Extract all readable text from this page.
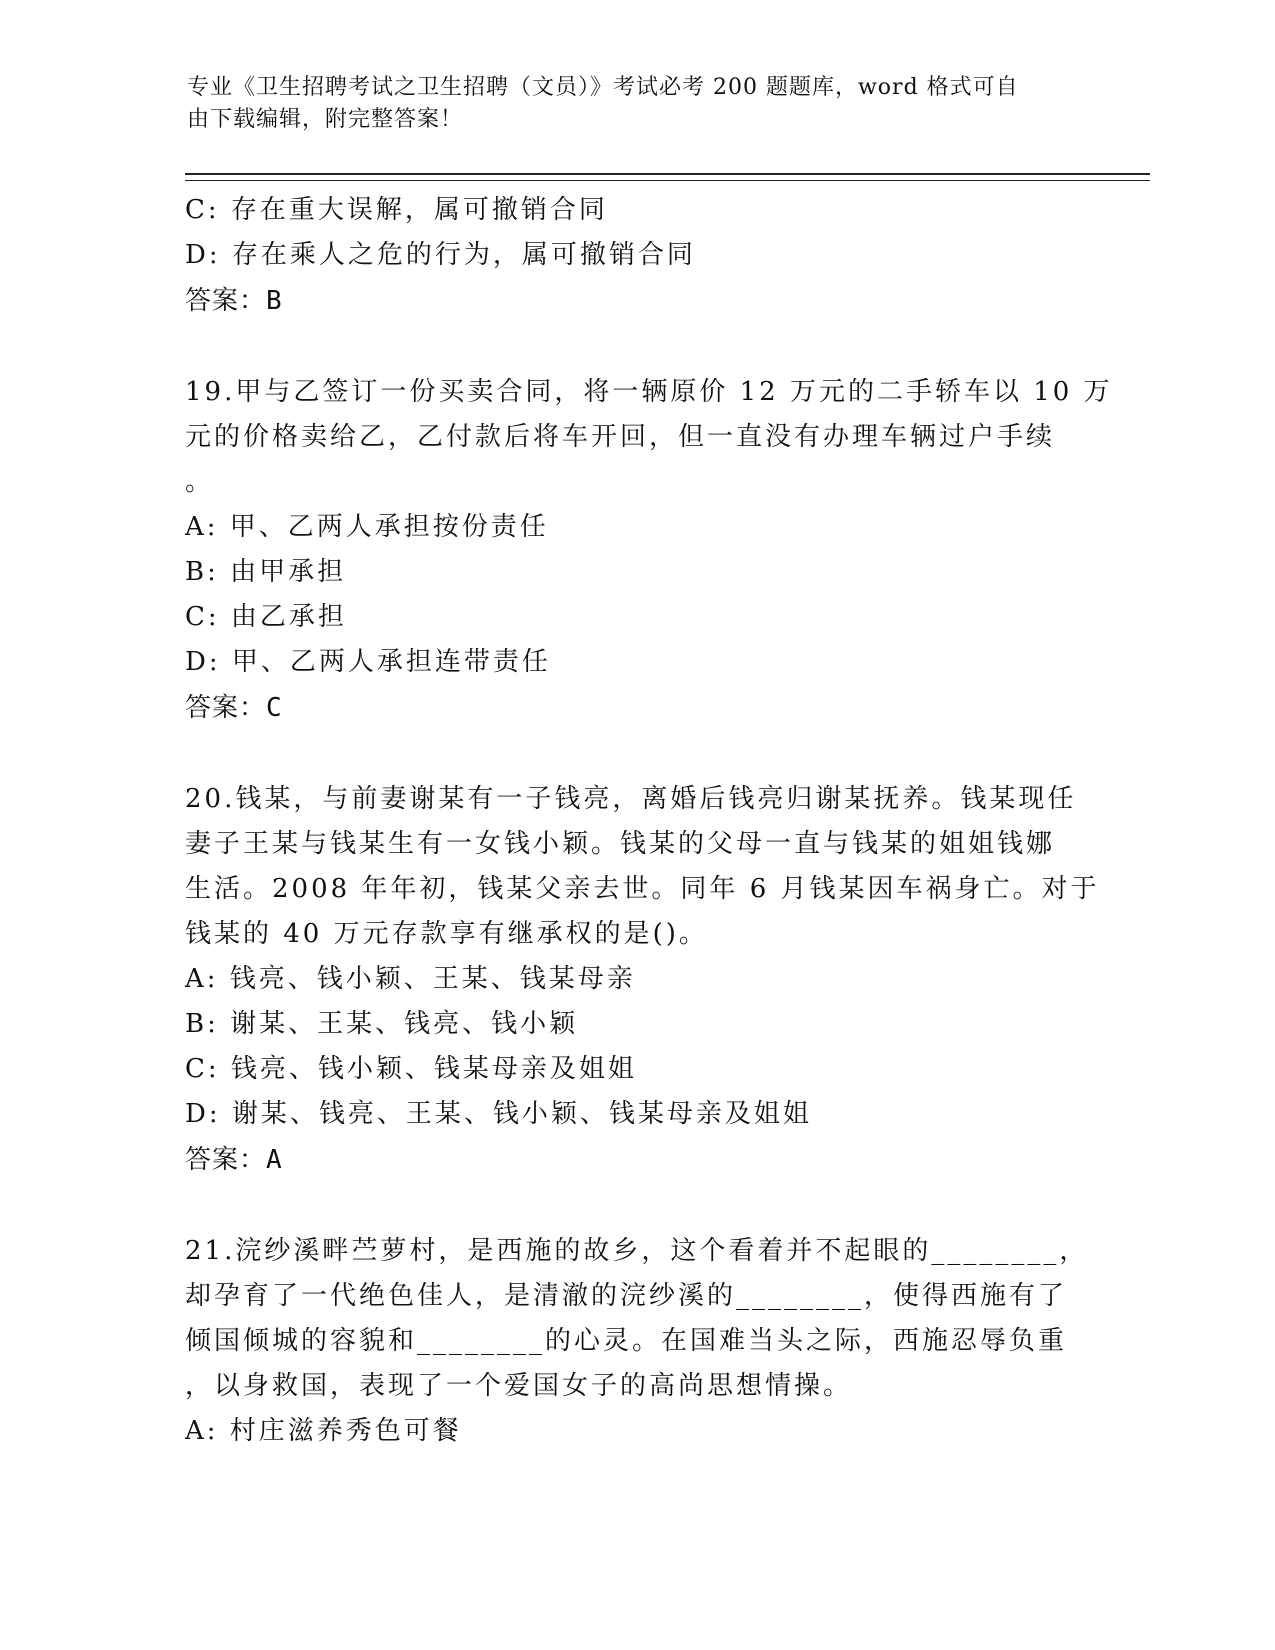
专业《卫生招聘考试之卫生招聘（文员）》考试必考 200 题题库，word 格式可自
由下载编辑，附完整答案！
C: 存在重大误解，属可撤销合同
D: 存在乘人之危的行为，属可撤销合同
答案：B
19.甲与乙签订一份买卖合同，将一辆原价 12 万元的二手轿车以 10 万
元的价格卖给乙，乙付款后将车开回，但一直没有办理车辆过户手续
。
A: 甲、乙两人承担按份责任
B: 由甲承担
C: 由乙承担
D: 甲、乙两人承担连带责任
答案：C
20.钱某，与前妻谢某有一子钱亮，离婚后钱亮归谢某抚养。钱某现任
妻子王某与钱某生有一女钱小颖。钱某的父母一直与钱某的姐姐钱娜
生活。2008 年年初，钱某父亲去世。同年 6 月钱某因车祸身亡。对于
钱某的 40 万元存款享有继承权的是()。
A: 钱亮、钱小颖、王某、钱某母亲
B: 谢某、王某、钱亮、钱小颖
C: 钱亮、钱小颖、钱某母亲及姐姐
D: 谢某、钱亮、王某、钱小颖、钱某母亲及姐姐
答案：A
21.浣纱溪畔苎萝村，是西施的故乡，这个看着并不起眼的________，
却孕育了一代绝色佳人，是清澈的浣纱溪的________，使得西施有了
倾国倾城的容貌和________的心灵。在国难当头之际，西施忍辱负重
，以身救国，表现了一个爱国女子的高尚思想情操。
A: 村庄滋养秀色可餐
